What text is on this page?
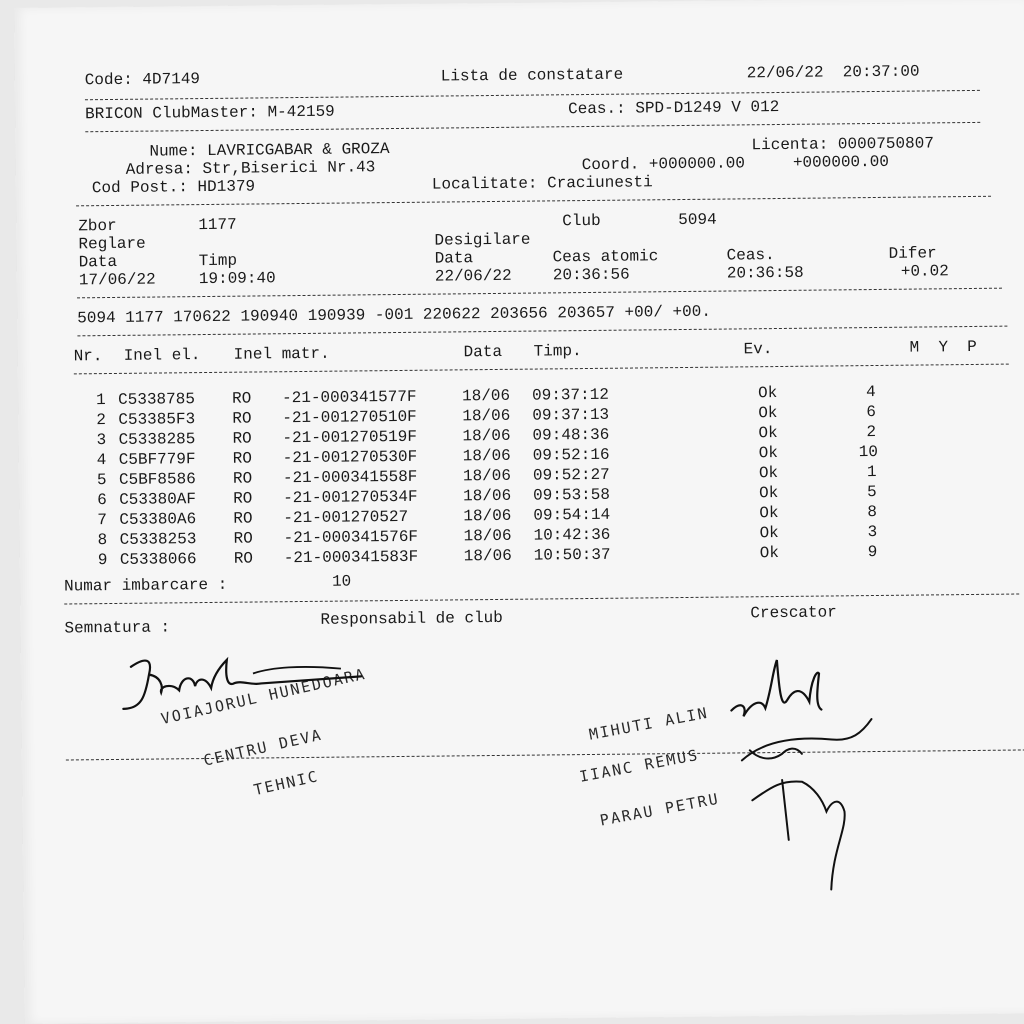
Code: 4D7149	Lista de constatare	22/06/22  20:37:00
BRICON ClubMaster: M-42159	Ceas.: SPD-D1249 V 012
Nume: LAVRICGABAR & GROZA	Licenta: 0000750807
Adresa: Str,Biserici Nr.43	Coord. +000000.00     +000000.00
Cod Post.: HD1379	Localitate: Craciunesti
Zbor	1177	Club	5094
Reglare	Desigilare
Data	Timp	Data	Ceas atomic	Ceas.	Difer
17/06/22	19:09:40	22/06/22	20:36:56	20:36:58	+0.02
5094 1177 170622 190940 190939 -001 220622 203656 203657 +00/ +00.
Nr. Inel el. Inel matr.	Data Timp.	Ev.	M  Y  P
1 C5338785 RO -21-000341577F	18/06 09:37:12	Ok	4
2 C53385F3 RO -21-001270510F	18/06 09:37:13	Ok	6
3 C5338285 RO -21-001270519F	18/06 09:48:36	Ok	2
4 C5BF779F RO -21-001270530F	18/06 09:52:16	Ok	10
5 C5BF8586 RO -21-000341558F	18/06 09:52:27	Ok	1
6 C53380AF RO -21-001270534F	18/06 09:53:58	Ok	5
7 C53380A6 RO -21-001270527	18/06 09:54:14	Ok	8
8 C5338253 RO -21-000341576F	18/06 10:42:36	Ok	3
9 C5338066 RO -21-000341583F	18/06 10:50:37	Ok	9
Numar imbarcare :	10
Semnatura :	Responsabil de club	Crescator
VOIAJORUL HUNEDOARA
CENTRU DEVA
TEHNIC
MIHUTI ALIN
IIANC REMUS
PARAU PETRU
